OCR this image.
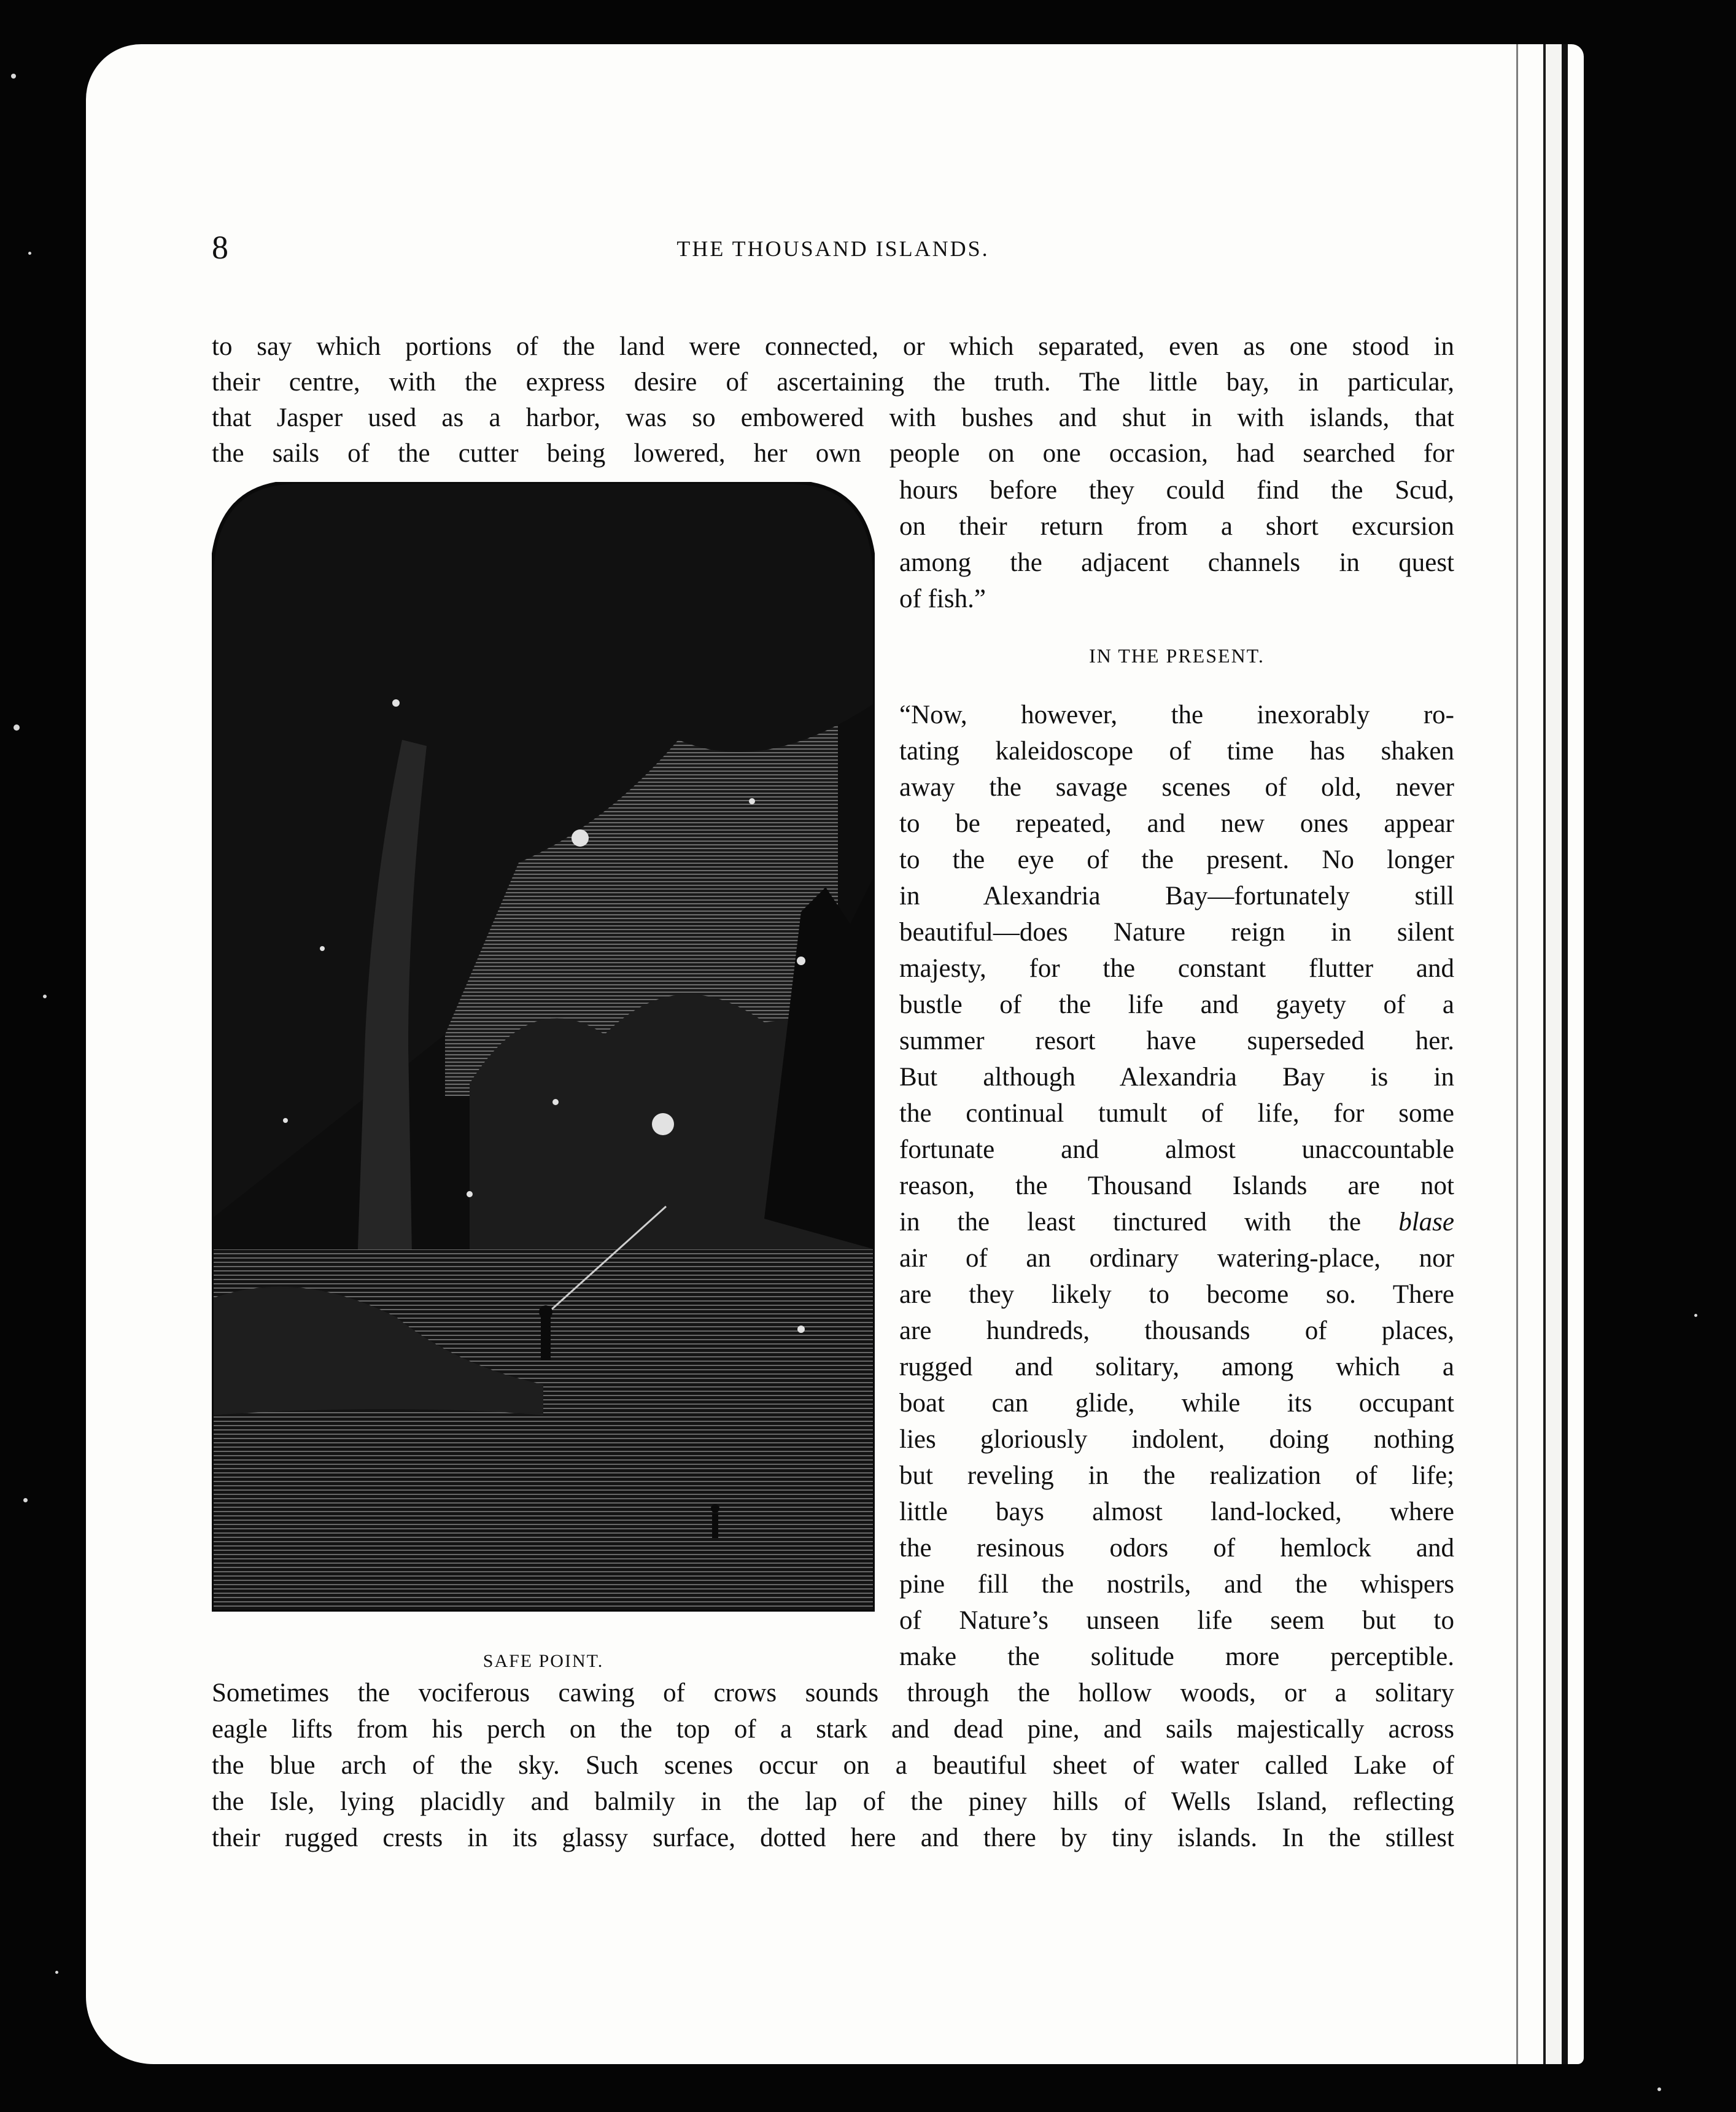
8	THE THOUSAND ISLANDS.
to say which portions of the land were connected, or which separated, even as one stood in
their centre, with the express desire of ascertaining the truth. The little bay, in particular,
that Jasper used as a harbor, was so embowered with bushes and shut in with islands, that
the sails of the cutter being lowered, her own people on one occasion, had searched for
hours before they could find the Scud,
on their return from a short excursion
among the adjacent channels in quest
of fish.”
IN THE PRESENT.
“Now, however, the inexorably ro-
tating kaleidoscope of time has shaken
away the savage scenes of old, never
to be repeated, and new ones appear
to the eye of the present. No longer
in Alexandria Bay—fortunately still
beautiful—does Nature reign in silent
majesty, for the constant flutter and
bustle of the life and gayety of a
summer resort have superseded her.
But although Alexandria Bay is in
the continual tumult of life, for some
fortunate and almost unaccountable
reason, the Thousand Islands are not
in the least tinctured with the blase
air of an ordinary watering-place, nor
are they likely to become so. There
are hundreds, thousands of places,
rugged and solitary, among which a
boat can glide, while its occupant
lies gloriously indolent, doing nothing
but reveling in the realization of life;
little bays almost land-locked, where
the resinous odors of hemlock and
pine fill the nostrils, and the whispers
of Nature’s unseen life seem but to
make the solitude more perceptible.
SAFE POINT.
Sometimes the vociferous cawing of crows sounds through the hollow woods, or a solitary
eagle lifts from his perch on the top of a stark and dead pine, and sails majestically across
the blue arch of the sky. Such scenes occur on a beautiful sheet of water called Lake of
the Isle, lying placidly and balmily in the lap of the piney hills of Wells Island, reflecting
their rugged crests in its glassy surface, dotted here and there by tiny islands. In the stillest
